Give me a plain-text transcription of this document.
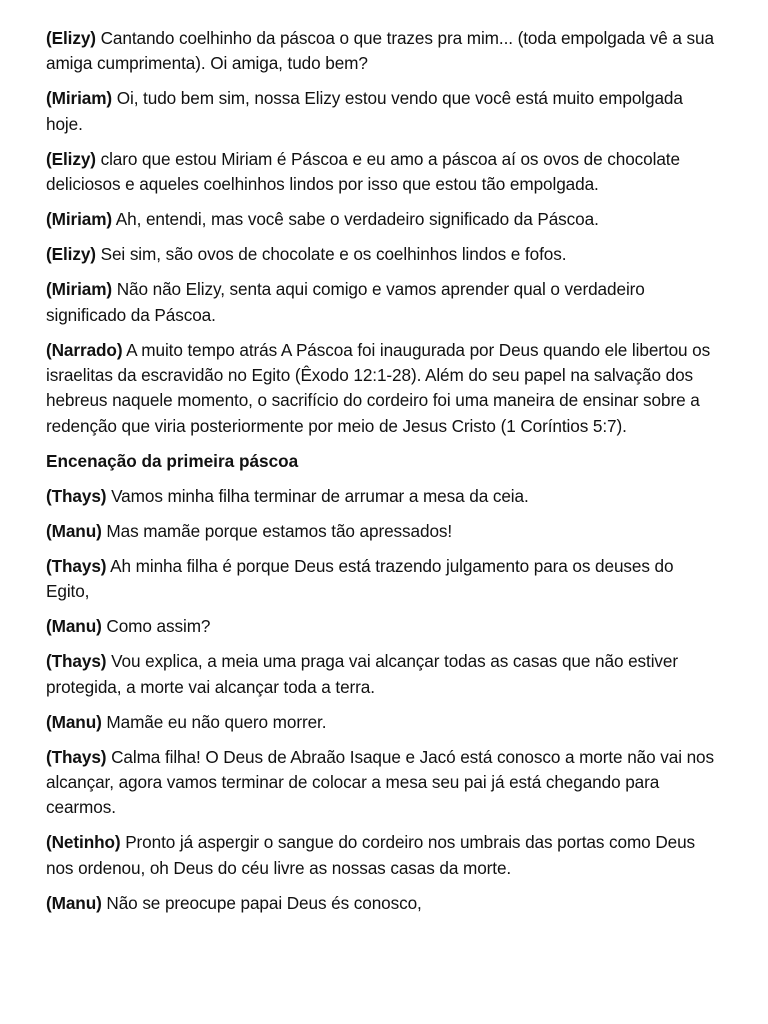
(Elizy) Cantando coelhinho da páscoa o que trazes pra mim... (toda empolgada vê a sua amiga cumprimenta). Oi amiga, tudo bem?

(Miriam) Oi, tudo bem sim, nossa Elizy estou vendo que você está muito empolgada hoje.

(Elizy) claro que estou Miriam é Páscoa e eu amo a páscoa aí os ovos de chocolate deliciosos e aqueles coelhinhos lindos por isso que estou tão empolgada.

(Miriam) Ah, entendi, mas você sabe o verdadeiro significado da Páscoa.

(Elizy) Sei sim, são ovos de chocolate e os coelhinhos lindos e fofos.

(Miriam) Não não Elizy, senta aqui comigo e vamos aprender qual o verdadeiro significado da Páscoa.

(Narrado) A muito tempo atrás A Páscoa foi inaugurada por Deus quando ele libertou os israelitas da escravidão no Egito (Êxodo 12:1-28). Além do seu papel na salvação dos hebreus naquele momento, o sacrifício do cordeiro foi uma maneira de ensinar sobre a redenção que viria posteriormente por meio de Jesus Cristo (1 Coríntios 5:7).

Encenação da primeira páscoa

(Thays) Vamos minha filha terminar de arrumar a mesa da ceia.

(Manu) Mas mamãe porque estamos tão apressados!

(Thays) Ah minha filha é porque Deus está trazendo julgamento para os deuses do Egito,

(Manu) Como assim?

(Thays) Vou explica, a meia uma praga vai alcançar todas as casas que não estiver protegida, a morte vai alcançar toda a terra.

(Manu) Mamãe eu não quero morrer.

(Thays) Calma filha! O Deus de Abraão Isaque e Jacó está conosco a morte não vai nos alcançar, agora vamos terminar de colocar a mesa seu pai já está chegando para cearmos.

(Netinho) Pronto já aspergir o sangue do cordeiro nos umbrais das portas como Deus nos ordenou, oh Deus do céu livre as nossas casas da morte.

(Manu) Não se preocupe papai Deus és conosco,
